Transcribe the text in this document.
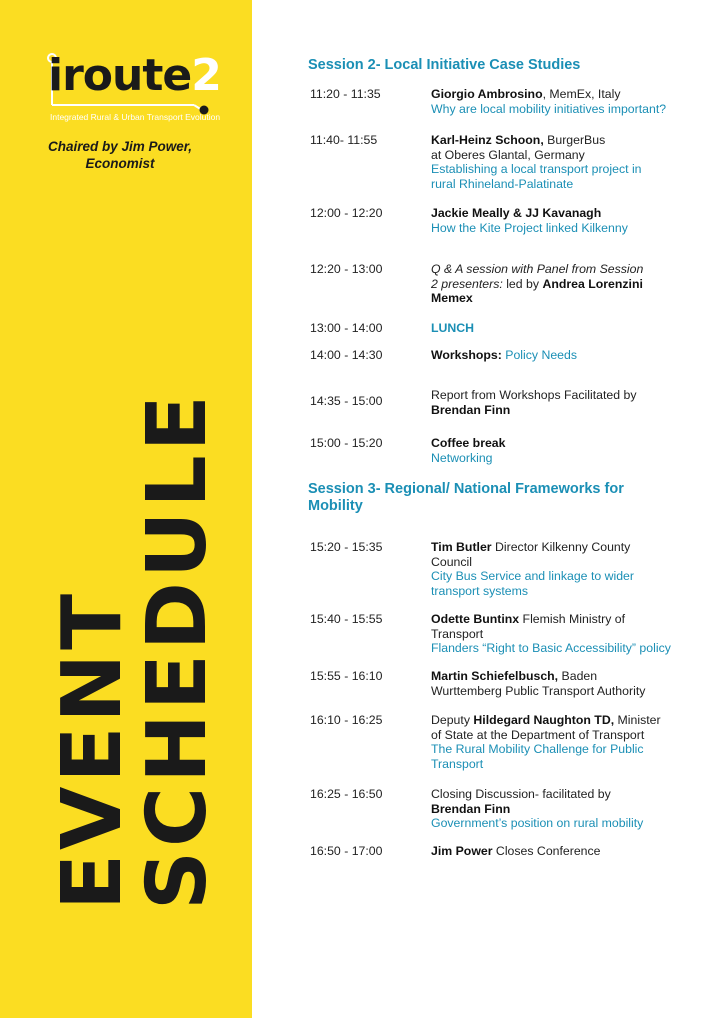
iroute2
Integrated Rural & Urban Transport Evolution
Chaired by Jim Power,
Economist
EVENT
SCHEDULE
Session 2- Local Initiative Case Studies
11:20 - 11:35	Giorgio Ambrosino, MemEx, Italy
Why are local mobility initiatives important?
11:40- 11:55	Karl-Heinz Schoon, BurgerBus
at Oberes Glantal, Germany
Establishing a local transport project in
rural Rhineland-Palatinate
12:00 - 12:20	Jackie Meally & JJ Kavanagh
How the Kite Project linked Kilkenny
12:20 - 13:00	Q & A session with Panel from Session
2 presenters: led by Andrea Lorenzini
Memex
13:00 - 14:00	LUNCH
14:00 - 14:30	Workshops: Policy Needs
14:35 - 15:00	Report from Workshops Facilitated by
Brendan Finn
15:00 - 15:20	Coffee break
Networking
Session 3- Regional/ National Frameworks for
Mobility
15:20 - 15:35	Tim Butler Director Kilkenny County
Council
City Bus Service and linkage to wider
transport systems
15:40 - 15:55	Odette Buntinx Flemish Ministry of
Transport
Flanders “Right to Basic Accessibility” policy
15:55 - 16:10	Martin Schiefelbusch, Baden
Wurttemberg Public Transport Authority
16:10 - 16:25	Deputy Hildegard Naughton TD, Minister
of State at the Department of Transport
The Rural Mobility Challenge for Public
Transport
16:25 - 16:50	Closing Discussion- facilitated by
Brendan Finn
Government’s position on rural mobility
16:50 - 17:00	Jim Power Closes Conference
